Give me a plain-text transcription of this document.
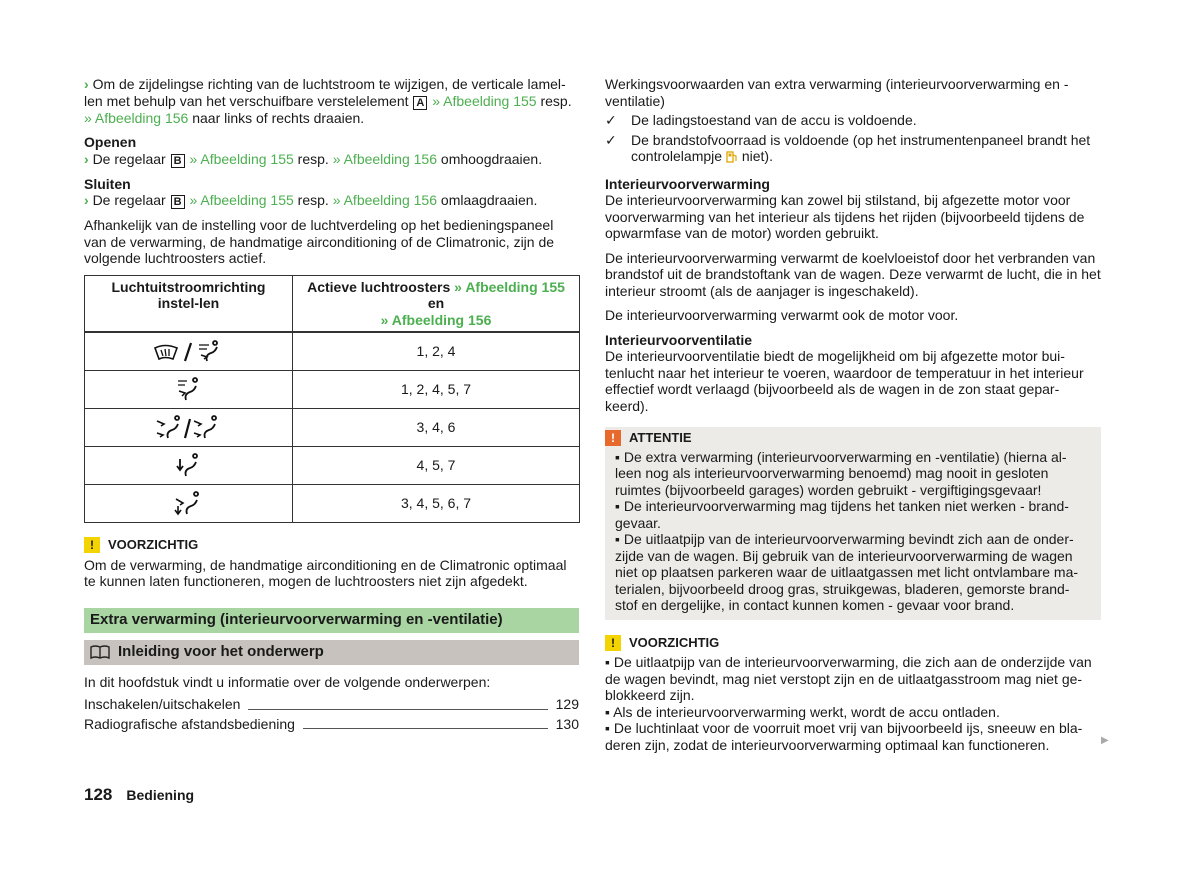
› Om de zijdelingse richting van de luchtstroom te wijzigen, de verticale lamel-len met behulp van het verschuifbare verstelelement A » Afbeelding 155 resp. » Afbeelding 156 naar links of rechts draaien.

Openen

› De regelaar B » Afbeelding 155 resp. » Afbeelding 156 omhoogdraaien.

Sluiten

› De regelaar B » Afbeelding 155 resp. » Afbeelding 156 omlaagdraaien.

Afhankelijk van de instelling voor de luchtverdeling op het bedieningspaneel van de verwarming, de handmatige airconditioning of de Climatronic, zijn de volgende luchtroosters actief.

Luchtuitstroomrichting instel-len	Actieve luchtroosters » Afbeelding 155 en
» Afbeelding 156
	1, 2, 4
	1, 2, 4, 5, 7
	3, 4, 6
	4, 5, 7
	3, 4, 5, 6, 7
!	VOORZICHTIG

Om de verwarming, de handmatige airconditioning en de Climatronic optimaal te kunnen laten functioneren, mogen de luchtroosters niet zijn afgedekt.

Extra verwarming (interieurvoorverwarming en -ventilatie)
Inleiding voor het onderwerp

In dit hoofdstuk vindt u informatie over de volgende onderwerpen:

Inschakelen/uitschakelen	129
Radiografische afstandsbediening	130

Werkingsvoorwaarden van extra verwarming (interieurvoorverwarming en -ventilatie)

✓ De ladingstoestand van de accu is voldoende.
✓ De brandstofvoorraad is voldoende (op het instrumentenpaneel brandt het controlelampje niet).

Interieurvoorverwarming

De interieurvoorverwarming kan zowel bij stilstand, bij afgezette motor voor voorverwarming van het interieur als tijdens het rijden (bijvoorbeeld tijdens de opwarmfase van de motor) worden gebruikt.

De interieurvoorverwarming verwarmt de koelvloeistof door het verbranden van brandstof uit de brandstoftank van de wagen. Deze verwarmt de lucht, die in het interieur stroomt (als de aanjager is ingeschakeld).

De interieurvoorverwarming verwarmt ook de motor voor.

Interieurvoorventilatie

De interieurvoorventilatie biedt de mogelijkheid om bij afgezette motor bui-tenlucht naar het interieur te voeren, waardoor de temperatuur in het interieur effectief wordt verlaagd (bijvoorbeeld als de wagen in de zon staat gepar-keerd).

!	ATTENTIE

▪ De extra verwarming (interieurvoorverwarming en -ventilatie) (hierna al-leen nog als interieurvoorverwarming benoemd) mag nooit in gesloten ruimtes (bijvoorbeeld garages) worden gebruikt - vergiftigingsgevaar!

▪ De interieurvoorverwarming mag tijdens het tanken niet werken - brand-gevaar.

▪ De uitlaatpijp van de interieurvoorverwarming bevindt zich aan de onder-zijde van de wagen. Bij gebruik van de interieurvoorverwarming de wagen niet op plaatsen parkeren waar de uitlaatgassen met licht ontvlambare ma-terialen, bijvoorbeeld droog gras, struikgewas, bladeren, gemorste brand-stof en dergelijke, in contact kunnen komen - gevaar voor brand.

!	VOORZICHTIG

▪ De uitlaatpijp van de interieurvoorverwarming, die zich aan de onderzijde van de wagen bevindt, mag niet verstopt zijn en de uitlaatgasstroom mag niet ge-blokkeerd zijn.

▪ Als de interieurvoorverwarming werkt, wordt de accu ontladen.

▪ De luchtinlaat voor de voorruit moet vrij van bijvoorbeeld ijs, sneeuw en bla-deren zijn, zodat de interieurvoorverwarming optimaal kan functioneren.	▶
128 Bediening
